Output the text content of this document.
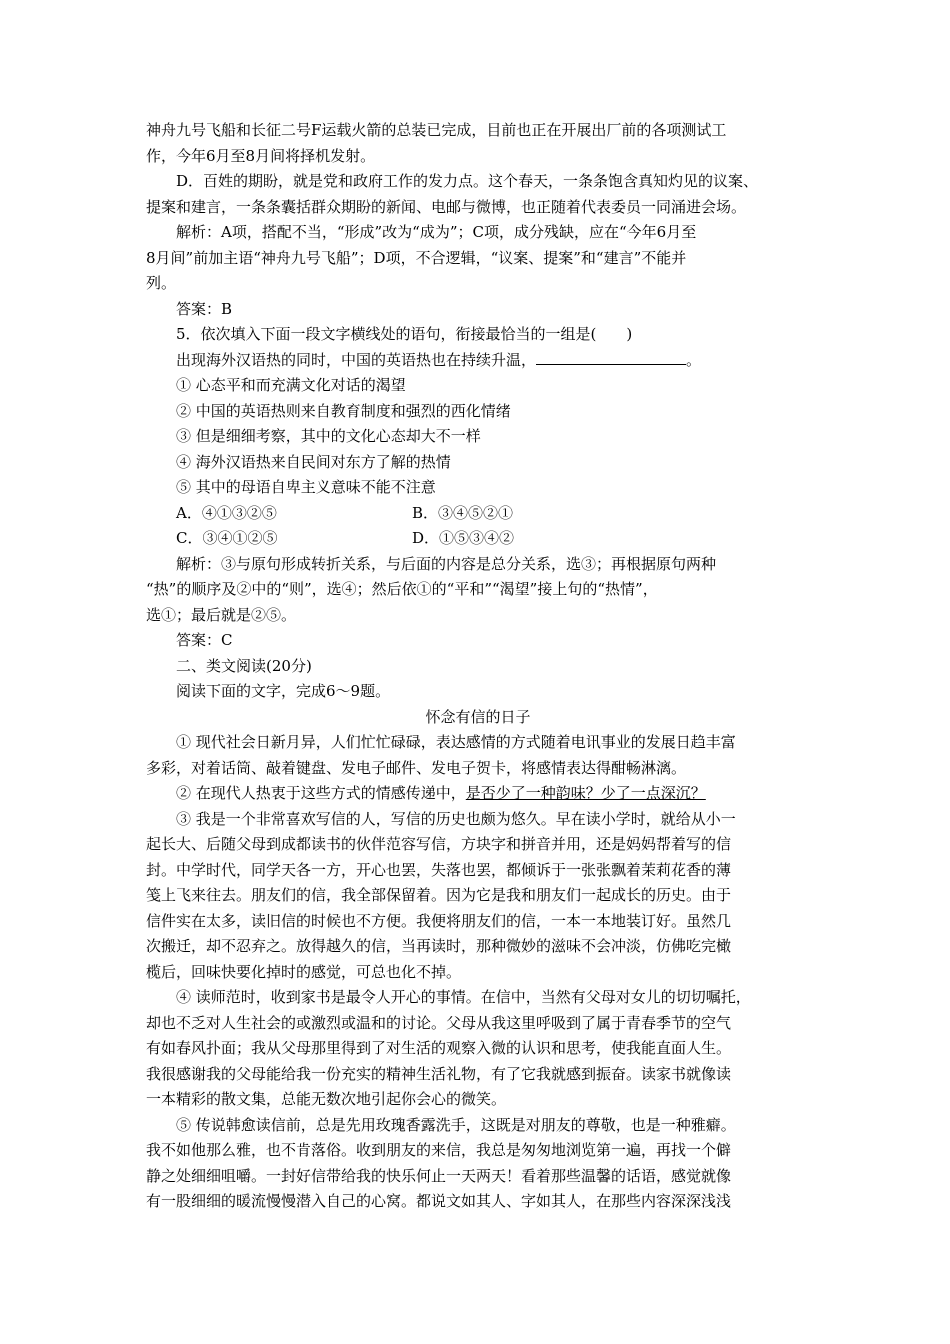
神舟九号飞船和长征二号F运载火箭的总装已完成，目前也正在开展出厂前的各项测试工
作，今年6月至8月间将择机发射。
D．百姓的期盼，就是党和政府工作的发力点。这个春天，一条条饱含真知灼见的议案、
提案和建言，一条条囊括群众期盼的新闻、电邮与微博，也正随着代表委员一同涌进会场。
解析：A项，搭配不当，“形成”改为“成为”；C项，成分残缺，应在“今年6月至
8月间”前加主语“神舟九号飞船”；D项，不合逻辑，“议案、提案”和“建言”不能并
列。
答案：B
5．依次填入下面一段文字横线处的语句，衔接最恰当的一组是(　　)
出现海外汉语热的同时，中国的英语热也在持续升温，	。
① 心态平和而充满文化对话的渴望
② 中国的英语热则来自教育制度和强烈的西化情绪
③ 但是细细考察，其中的文化心态却大不一样
④ 海外汉语热来自民间对东方了解的热情
⑤ 其中的母语自卑主义意味不能不注意
A．④①③②⑤	B．③④⑤②①
C．③④①②⑤	D．①⑤③④②
解析：③与原句形成转折关系，与后面的内容是总分关系，选③；再根据原句两种
“热”的顺序及②中的“则”，选④；然后依①的“平和”“渴望”接上句的“热情”，
选①；最后就是②⑤。
答案：C
二、类文阅读(20分)
阅读下面的文字，完成6～9题。
怀念有信的日子
① 现代社会日新月异，人们忙忙碌碌，表达感情的方式随着电讯事业的发展日趋丰富
多彩，对着话筒、敲着键盘、发电子邮件、发电子贺卡，将感情表达得酣畅淋漓。
② 在现代人热衷于这些方式的情感传递中，是否少了一种韵味？少了一点深沉？
③ 我是一个非常喜欢写信的人，写信的历史也颇为悠久。早在读小学时，就给从小一
起长大、后随父母到成都读书的伙伴范容写信，方块字和拼音并用，还是妈妈帮着写的信
封。中学时代，同学天各一方，开心也罢，失落也罢，都倾诉于一张张飘着茉莉花香的薄
笺上飞来往去。朋友们的信，我全部保留着。因为它是我和朋友们一起成长的历史。由于
信件实在太多，读旧信的时候也不方便。我便将朋友们的信，一本一本地装订好。虽然几
次搬迁，却不忍弃之。放得越久的信，当再读时，那种微妙的滋味不会冲淡，仿佛吃完橄
榄后，回味快要化掉时的感觉，可总也化不掉。
④ 读师范时，收到家书是最令人开心的事情。在信中，当然有父母对女儿的切切嘱托，
却也不乏对人生社会的或激烈或温和的讨论。父母从我这里呼吸到了属于青春季节的空气
有如春风扑面；我从父母那里得到了对生活的观察入微的认识和思考，使我能直面人生。
我很感谢我的父母能给我一份充实的精神生活礼物，有了它我就感到振奋。读家书就像读
一本精彩的散文集，总能无数次地引起你会心的微笑。
⑤ 传说韩愈读信前，总是先用玫瑰香露洗手，这既是对朋友的尊敬，也是一种雅癖。
我不如他那么雅，也不肯落俗。收到朋友的来信，我总是匆匆地浏览第一遍，再找一个僻
静之处细细咀嚼。一封好信带给我的快乐何止一天两天！看着那些温馨的话语，感觉就像
有一股细细的暖流慢慢潜入自己的心窝。都说文如其人、字如其人，在那些内容深深浅浅
